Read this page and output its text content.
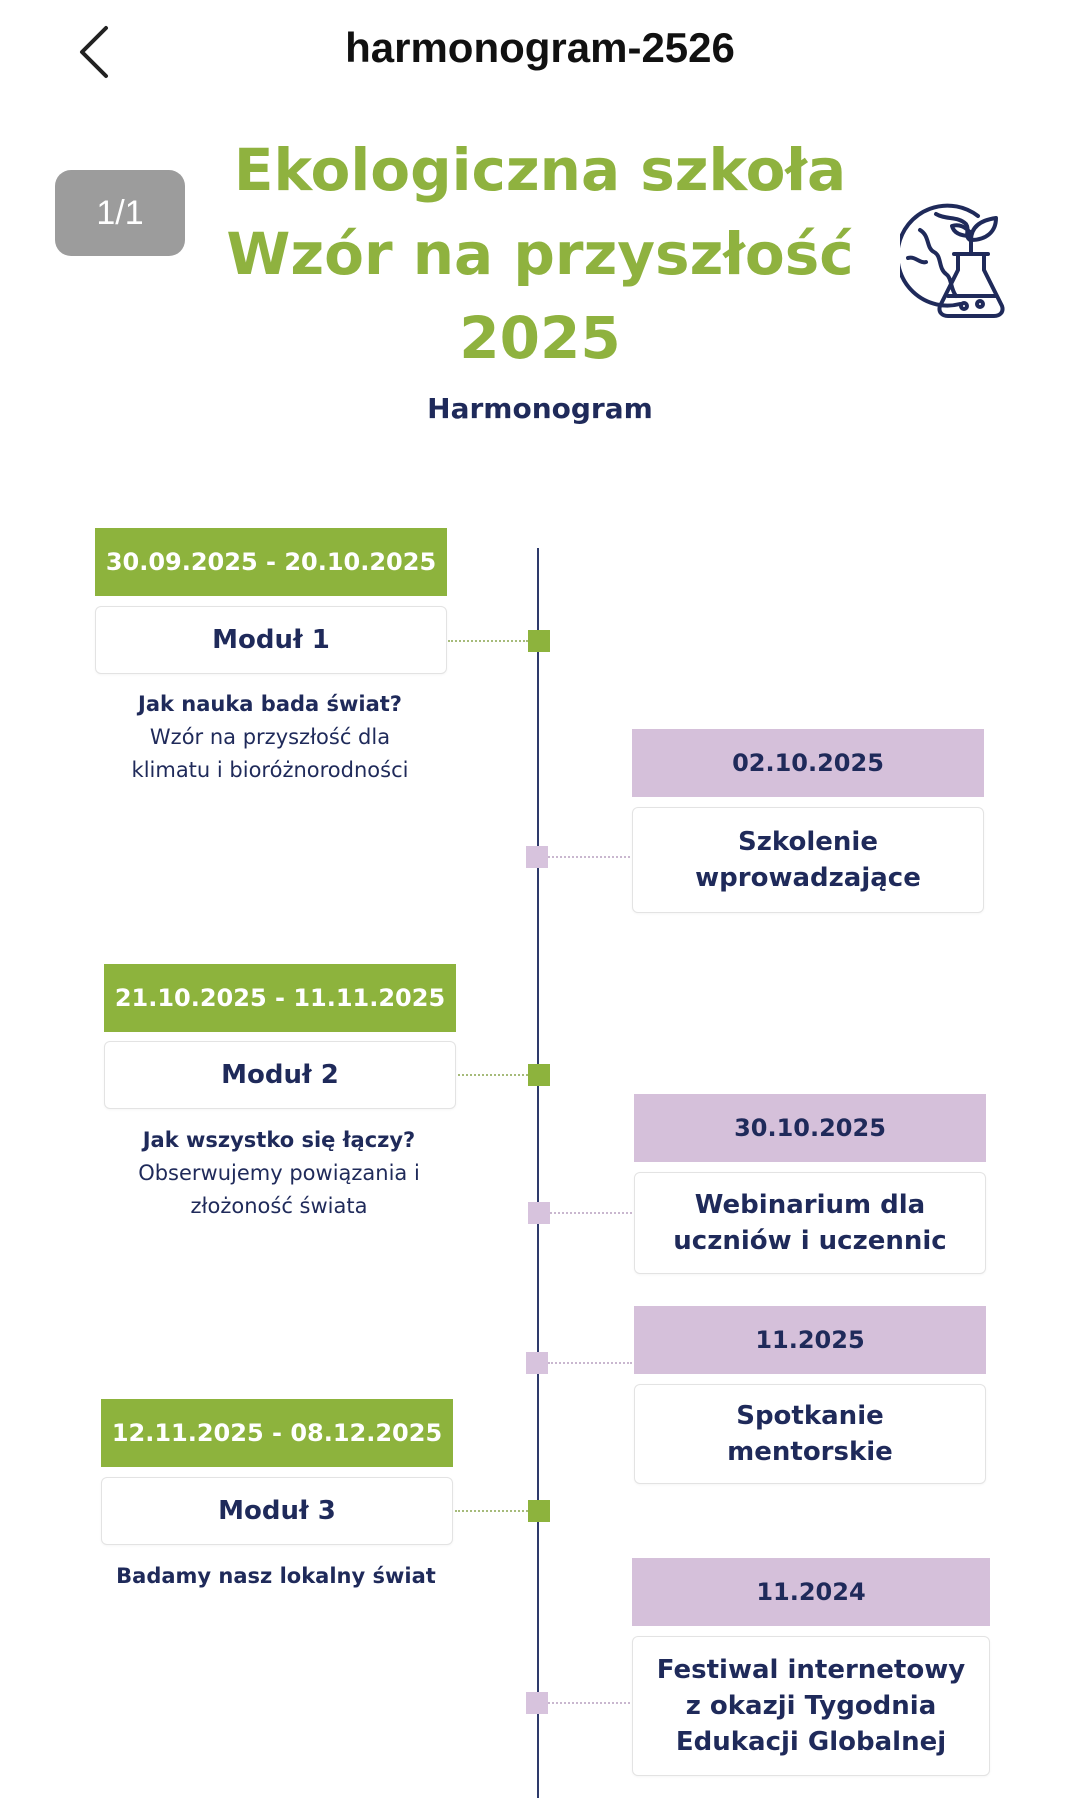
harmonogram-2526
1/1
Ekologiczna szkoła
Wzór na przyszłość
2025
Harmonogram
30.09.2025 - 20.10.2025
Moduł 1
Jak nauka bada świat?
Wzór na przyszłość dla
klimatu i bioróżnorodności	02.10.2025
Szkolenie
wprowadzające
21.10.2025 - 11.11.2025
Moduł 2
Jak wszystko się łączy?
Obserwujemy powiązania i
złożoność świata
30.10.2025
Webinarium dla
uczniów i uczennic
11.2025
Spotkanie
mentorskie
12.11.2025 - 08.12.2025
Moduł 3
Badamy nasz lokalny świat
11.2024
Festiwal internetowy
z okazji Tygodnia
Edukacji Globalnej
